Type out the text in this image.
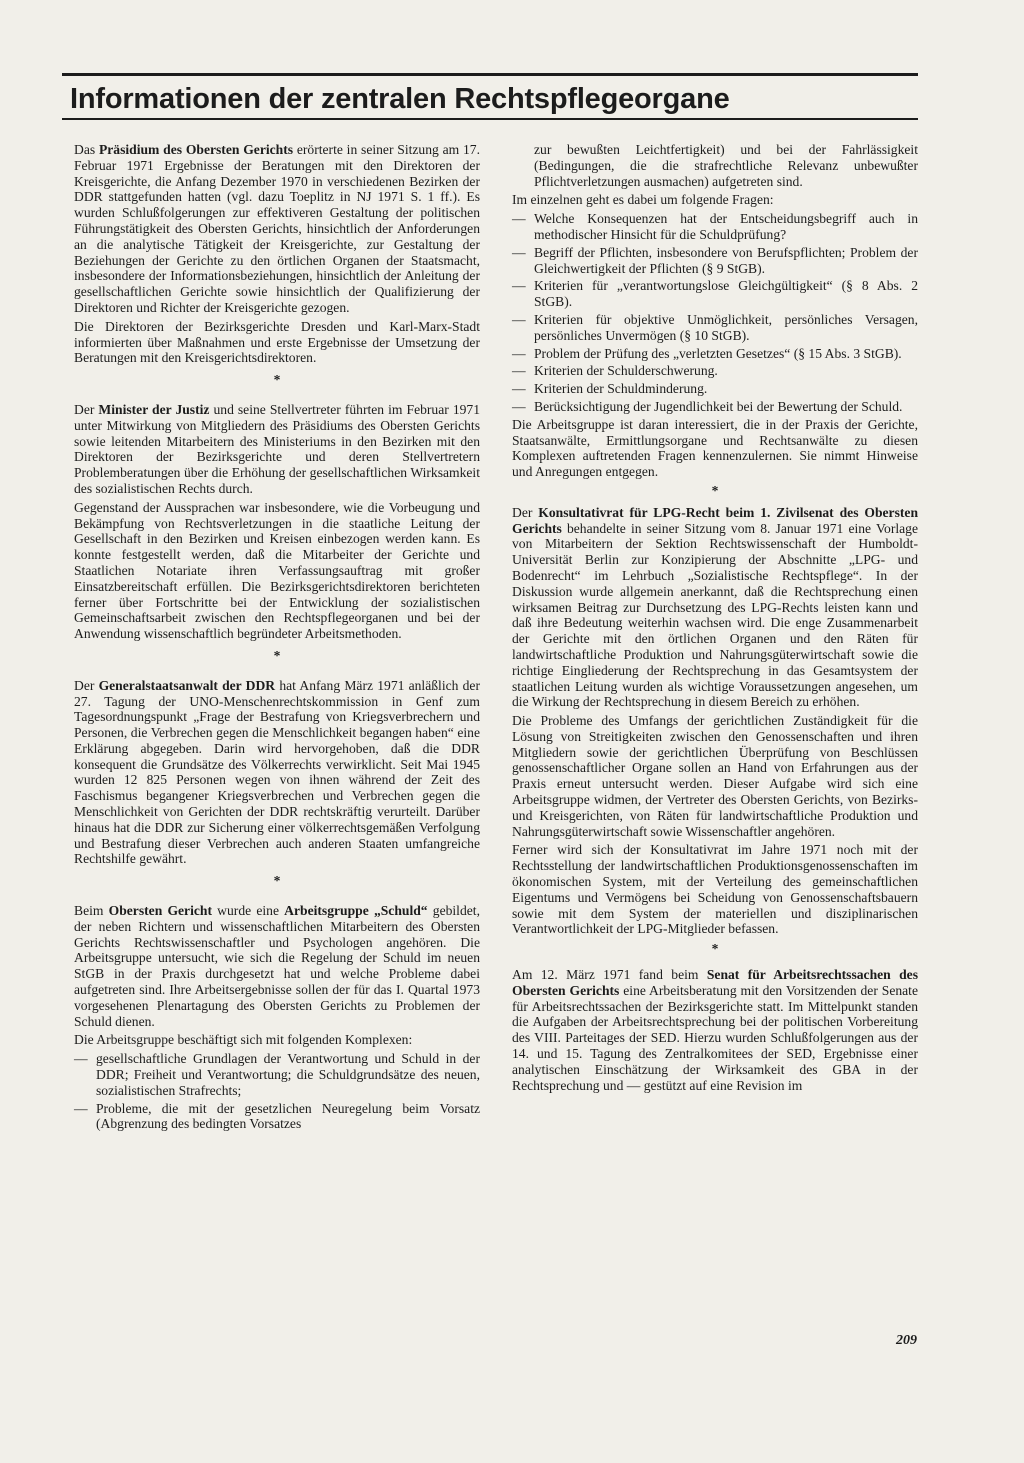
Informationen der zentralen Rechtspflegeorgane

Das Präsidium des Obersten Gerichts erörterte in seiner Sitzung am 17. Februar 1971 Ergebnisse der Beratungen mit den Direktoren der Kreisgerichte, die Anfang Dezember 1970 in verschiedenen Bezirken der DDR stattgefunden hatten (vgl. dazu Toeplitz in NJ 1971 S. 1 ff.). Es wurden Schlußfolgerungen zur effektiveren Gestaltung der politischen Führungstätigkeit des Obersten Gerichts, hinsichtlich der Anforderungen an die analytische Tätigkeit der Kreisgerichte, zur Gestaltung der Beziehungen der Gerichte zu den örtlichen Organen der Staatsmacht, insbesondere der Informationsbeziehungen, hinsichtlich der Anleitung der gesellschaftlichen Gerichte sowie hinsichtlich der Qualifizierung der Direktoren und Richter der Kreisgerichte gezogen.

Die Direktoren der Bezirksgerichte Dresden und Karl-Marx-Stadt informierten über Maßnahmen und erste Ergebnisse der Umsetzung der Beratungen mit den Kreisgerichtsdirektoren.

*

Der Minister der Justiz und seine Stellvertreter führten im Februar 1971 unter Mitwirkung von Mitgliedern des Präsidiums des Obersten Gerichts sowie leitenden Mitarbeitern des Ministeriums in den Bezirken mit den Direktoren der Bezirksgerichte und deren Stellvertretern Problemberatungen über die Erhöhung der gesellschaftlichen Wirksamkeit des sozialistischen Rechts durch.

Gegenstand der Aussprachen war insbesondere, wie die Vorbeugung und Bekämpfung von Rechtsverletzungen in die staatliche Leitung der Gesellschaft in den Bezirken und Kreisen einbezogen werden kann. Es konnte festgestellt werden, daß die Mitarbeiter der Gerichte und Staatlichen Notariate ihren Verfassungsauftrag mit großer Einsatzbereitschaft erfüllen. Die Bezirksgerichtsdirektoren berichteten ferner über Fortschritte bei der Entwicklung der sozialistischen Gemeinschaftsarbeit zwischen den Rechtspflegeorganen und bei der Anwendung wissenschaftlich begründeter Arbeitsmethoden.

*

Der Generalstaatsanwalt der DDR hat Anfang März 1971 anläßlich der 27. Tagung der UNO-Menschenrechtskommission in Genf zum Tagesordnungspunkt „Frage der Bestrafung von Kriegsverbrechern und Personen, die Verbrechen gegen die Menschlichkeit begangen haben“ eine Erklärung abgegeben. Darin wird hervorgehoben, daß die DDR konsequent die Grundsätze des Völkerrechts verwirklicht. Seit Mai 1945 wurden 12 825 Personen wegen von ihnen während der Zeit des Faschismus begangener Kriegsverbrechen und Verbrechen gegen die Menschlichkeit von Gerichten der DDR rechtskräftig verurteilt. Darüber hinaus hat die DDR zur Sicherung einer völkerrechtsgemäßen Verfolgung und Bestrafung dieser Verbrechen auch anderen Staaten umfangreiche Rechtshilfe gewährt.

*

Beim Obersten Gericht wurde eine Arbeitsgruppe „Schuld“ gebildet, der neben Richtern und wissenschaftlichen Mitarbeitern des Obersten Gerichts Rechtswissenschaftler und Psychologen angehören. Die Arbeitsgruppe untersucht, wie sich die Regelung der Schuld im neuen StGB in der Praxis durchgesetzt hat und welche Probleme dabei aufgetreten sind. Ihre Arbeitsergebnisse sollen der für das I. Quartal 1973 vorgesehenen Plenartagung des Obersten Gerichts zu Problemen der Schuld dienen.

Die Arbeitsgruppe beschäftigt sich mit folgenden Komplexen:

— gesellschaftliche Grundlagen der Verantwortung und Schuld in der DDR; Freiheit und Verantwortung; die Schuldgrundsätze des neuen, sozialistischen Strafrechts;
— Probleme, die mit der gesetzlichen Neuregelung beim Vorsatz (Abgrenzung des bedingten Vorsatzes

zur bewußten Leichtfertigkeit) und bei der Fahrlässigkeit (Bedingungen, die die strafrechtliche Relevanz unbewußter Pflichtverletzungen ausmachen) aufgetreten sind.

Im einzelnen geht es dabei um folgende Fragen:

— Welche Konsequenzen hat der Entscheidungsbegriff auch in methodischer Hinsicht für die Schuldprüfung?
— Begriff der Pflichten, insbesondere von Berufspflichten; Problem der Gleichwertigkeit der Pflichten (§ 9 StGB).
— Kriterien für „verantwortungslose Gleichgültigkeit“ (§ 8 Abs. 2 StGB).
— Kriterien für objektive Unmöglichkeit, persönliches Versagen, persönliches Unvermögen (§ 10 StGB).
— Problem der Prüfung des „verletzten Gesetzes“ (§ 15 Abs. 3 StGB).
— Kriterien der Schulderschwerung.
— Kriterien der Schuldminderung.
— Berücksichtigung der Jugendlichkeit bei der Bewertung der Schuld.

Die Arbeitsgruppe ist daran interessiert, die in der Praxis der Gerichte, Staatsanwälte, Ermittlungsorgane und Rechtsanwälte zu diesen Komplexen auftretenden Fragen kennenzulernen. Sie nimmt Hinweise und Anregungen entgegen.

*

Der Konsultativrat für LPG-Recht beim 1. Zivilsenat des Obersten Gerichts behandelte in seiner Sitzung vom 8. Januar 1971 eine Vorlage von Mitarbeitern der Sektion Rechtswissenschaft der Humboldt-Universität Berlin zur Konzipierung der Abschnitte „LPG- und Bodenrecht“ im Lehrbuch „Sozialistische Rechtspflege“. In der Diskussion wurde allgemein anerkannt, daß die Rechtsprechung einen wirksamen Beitrag zur Durchsetzung des LPG-Rechts leisten kann und daß ihre Bedeutung weiterhin wachsen wird. Die enge Zusammenarbeit der Gerichte mit den örtlichen Organen und den Räten für landwirtschaftliche Produktion und Nahrungsgüterwirtschaft sowie die richtige Eingliederung der Rechtsprechung in das Gesamtsystem der staatlichen Leitung wurden als wichtige Voraussetzungen angesehen, um die Wirkung der Rechtsprechung in diesem Bereich zu erhöhen.

Die Probleme des Umfangs der gerichtlichen Zuständigkeit für die Lösung von Streitigkeiten zwischen den Genossenschaften und ihren Mitgliedern sowie der gerichtlichen Überprüfung von Beschlüssen genossenschaftlicher Organe sollen an Hand von Erfahrungen aus der Praxis erneut untersucht werden. Dieser Aufgabe wird sich eine Arbeitsgruppe widmen, der Vertreter des Obersten Gerichts, von Bezirks- und Kreisgerichten, von Räten für landwirtschaftliche Produktion und Nahrungsgüterwirtschaft sowie Wissenschaftler angehören.

Ferner wird sich der Konsultativrat im Jahre 1971 noch mit der Rechtsstellung der landwirtschaftlichen Produktionsgenossenschaften im ökonomischen System, mit der Verteilung des gemeinschaftlichen Eigentums und Vermögens bei Scheidung von Genossenschaftsbauern sowie mit dem System der materiellen und disziplinarischen Verantwortlichkeit der LPG-Mitglieder befassen.

*

Am 12. März 1971 fand beim Senat für Arbeitsrechtssachen des Obersten Gerichts eine Arbeitsberatung mit den Vorsitzenden der Senate für Arbeitsrechtssachen der Bezirksgerichte statt. Im Mittelpunkt standen die Aufgaben der Arbeitsrechtsprechung bei der politischen Vorbereitung des VIII. Parteitages der SED. Hierzu wurden Schlußfolgerungen aus der 14. und 15. Tagung des Zentralkomitees der SED, Ergebnisse einer analytischen Einschätzung der Wirksamkeit des GBA in der Rechtsprechung und — gestützt auf eine Revision im

209
